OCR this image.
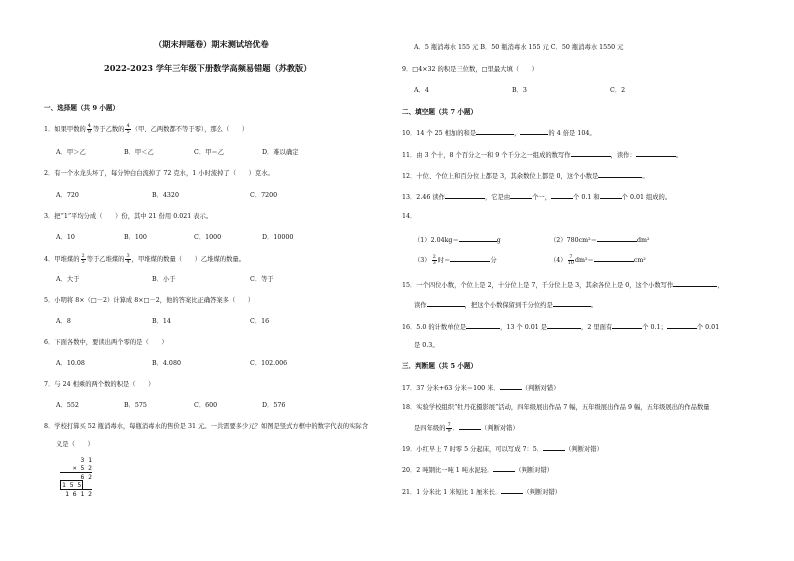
（期末押题卷）期末测试培优卷
2022-2023 学年三年级下册数学高频易错题（苏教版）
一、选择题（共 9 小题）
1．如果甲数的 $\frac{4}{9}$ 等于乙数的 $\frac{4}{5}$ （甲、乙两数都不等于零），那么（　　）
A．甲＞乙	B．甲＜乙	C．甲＝乙	D．难以确定
2．有一个水龙头坏了，每分钟白白流掉了 72 克水，1 小时流掉了（　　）克水。
A．720	B．4320	C．7200
3．把“1”平均分成（　　）份，其中 21 份用 0.021 表示。
A．10	B．100	C．1000	D．10000
4．甲堆煤的 $\frac{2}{5}$ 等于乙堆煤的 $\frac{3}{4}$ ，甲堆煤的数量（　　）乙堆煤的数量。
A．大于	B．小于	C．等于
5．小明将 8×（□－2）计算成 8×□－2，他的答案比正确答案多（　　）
A．8	B．14	C．16
6．下面各数中，要读出两个零的是（　　）
A．10.08	B．4.080	C．102.006
7．与 24 相乘的两个数的积是（　　）
A．552	B．575	C．600	D．576
8．学校打算买 52 瓶消毒水，每瓶消毒水的售价是 31 元。一共需要多少元？如图是竖式方框中的数字代表的实际含
义是（　　）
3 1
× 5 2
6 2
1 5 5
1 6 1 2
A．5 瓶消毒水 155 元 B．50 瓶消毒水 155 元 C．50 瓶消毒水 1550 元
9．□4×32 的积是三位数，□里最大填（　　）
A．4	B．3	C．2
二、填空题（共 7 小题）
10．14 个 25 相加的和是	，	的 4 倍是 104。
11．由 3 个十，8 个百分之一和 9 个千分之一组成的数写作	，读作：	。
12．十位、个位上和百分位上都是 3，其余数位上都是 0，这个小数是	。
13．2.46 读作	，它是由	个一，	个 0.1 和	个 0.01 组成的。
14．
（1）2.04kg＝	g	（2）780cm²＝	dm²
$(3) \frac{2}{3}$ 时＝	分	$(4) \frac{7}{10} dm^2=$	cm²
15．一个四位小数，个位上是 2，十分位上是 7，千分位上是 3，其余各位上是 0，这个小数写作	，
读作	，把这个小数保留到千分位约是	。
16．5.0 的计数单位是	，13 个 0.01 是	，2 里面有	个 0.1；	个 0.01
是 0.3。
三．判断题（共 5 小题）
17．37 分米+63 分米＝100 米．	（判断对错）
18．实验学校组织“牡丹花摄影展”活动，四年级展出作品 7 幅，五年级展出作品 9 幅，五年级展出的作品数量
是四年级的 $\frac{7}{9}$ ．	（判断对错）
19．小红早上 7 时零 5 分起床，可以写成 7：5．	（判断对错）
20．2 吨钢比一吨 1 吨水泥轻．	（判断对错）
21．1 分米比 1 米短比 1 厘米长．	（判断对错）
